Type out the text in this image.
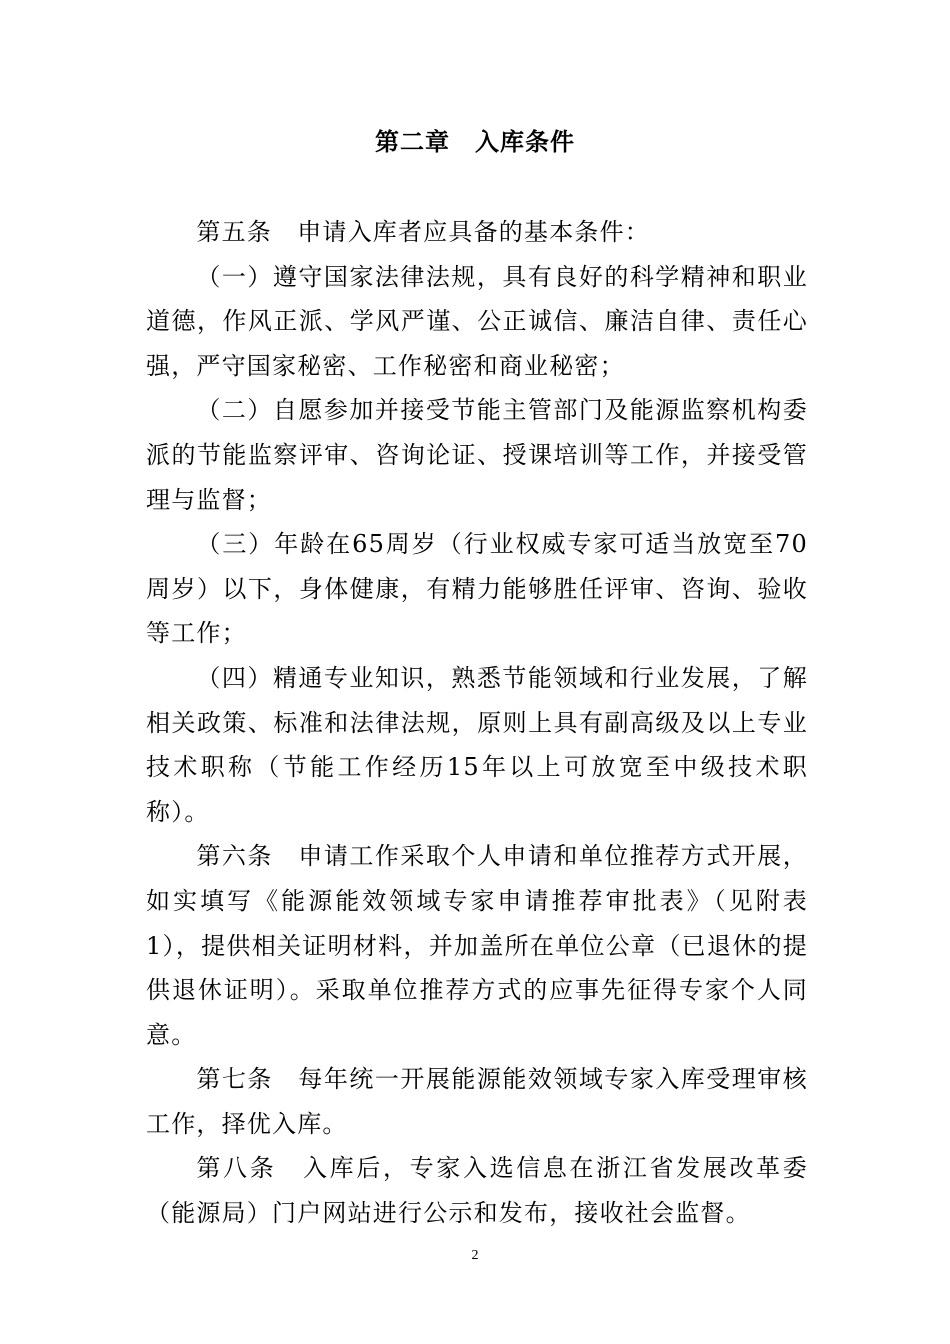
第二章　入库条件

第五条　申请入库者应具备的基本条件：

（一）遵守国家法律法规，具有良好的科学精神和职业道德，作风正派、学风严谨、公正诚信、廉洁自律、责任心强，严守国家秘密、工作秘密和商业秘密；

（二）自愿参加并接受节能主管部门及能源监察机构委派的节能监察评审、咨询论证、授课培训等工作，并接受管理与监督；

（三）年龄在65周岁（行业权威专家可适当放宽至70周岁）以下，身体健康，有精力能够胜任评审、咨询、验收等工作；

（四）精通专业知识，熟悉节能领域和行业发展，了解相关政策、标准和法律法规，原则上具有副高级及以上专业技术职称（节能工作经历15年以上可放宽至中级技术职称）。

第六条　申请工作采取个人申请和单位推荐方式开展，如实填写《能源能效领域专家申请推荐审批表》（见附表1），提供相关证明材料，并加盖所在单位公章（已退休的提供退休证明）。采取单位推荐方式的应事先征得专家个人同意。

第七条　每年统一开展能源能效领域专家入库受理审核工作，择优入库。

第八条　入库后，专家入选信息在浙江省发展改革委（能源局）门户网站进行公示和发布，接收社会监督。

2
